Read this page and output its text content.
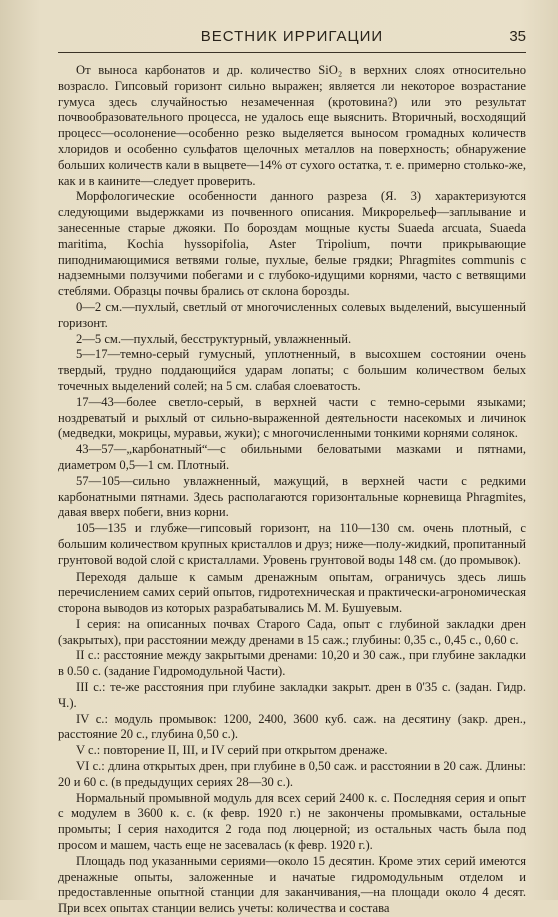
ВЕСТНИК ИРРИГАЦИИ	35

От выноса карбонатов и др. количество SiO₂ в верхних слоях относительно возрасло. Гипсовый горизонт сильно выражен; является ли некоторое возрастание гумуса здесь случайностью незамеченная (кротовина?) или это результат почвообразовательного процесса, не удалось еще выяснить. Вторичный, восходящий процесс—осолонение—особенно резко выделяется выносом громадных количеств хлоридов и особенно сульфатов щелочных металлов на поверхность; обнаружение больших количеств кали в выцвете—14% от сухого остатка, т. е. примерно столько-же, как и в каините—следует проверить.

Морфологические особенности данного разреза (Я. 3) характеризуются следующими выдержками из почвенного описания. Микрорельеф—заплывание и занесенные старые джояки. По бороздам мощные кусты Suaeda arcuata, Suaeda maritima, Kochia hyssopifolia, Aster Tripolium, почти прикрывающие пиподнимающимися ветвями голые, пухлые, белые грядки; Phragmites communis с надземными ползучими побегами и с глубоко-идущими корнями, часто с ветвящими стеблями. Образцы почвы брались от склона борозды.

0—2 см.—пухлый, светлый от многочисленных солевых выделений, высушенный горизонт.

2—5 см.—пухлый, бесструктурный, увлажненный.

5—17—темно-серый гумусный, уплотненный, в высохшем состоянии очень твердый, трудно поддающийся ударам лопаты; с большим количеством белых точечных выделений солей; на 5 см. слабая слоеватость.

17—43—более светло-серый, в верхней части с темно-серыми языками; ноздреватый и рыхлый от сильно-выраженной деятельности насекомых и личинок (медведки, мокрицы, муравьи, жуки); с многочисленными тонкими корнями солянок.

43—57—„карбонатный“—с обильными беловатыми мазками и пятнами, диаметром 0,5—1 см. Плотный.

57—105—сильно увлажненный, мажущий, в верхней части с редкими карбонатными пятнами. Здесь располагаются горизонтальные корневища Phragmites, давая вверх побеги, вниз корни.

105—135 и глубже—гипсовый горизонт, на 110—130 см. очень плотный, с большим количеством крупных кристаллов и друз; ниже—полу-жидкий, пропитанный грунтовой водой слой с кристаллами. Уровень грунтовой воды 148 см. (до промывок).

Переходя дальше к самым дренажным опытам, ограничусь здесь лишь перечислением самих серий опытов, гидротехническая и практически-агрономическая сторона выводов из которых разрабатывались М. М. Бушуевым.

I серия: на описанных почвах Старого Сада, опыт с глубиной закладки дрен (закрытых), при расстоянии между дренами в 15 саж.; глубины: 0,35 с., 0,45 с., 0,60 с.

II с.: расстояние между закрытыми дренами: 10,20 и 30 саж., при глубине закладки в 0.50 с. (задание Гидромодульной Части).

III с.: те-же расстояния при глубине закладки закрыт. дрен в 0'35 с. (задан. Гидр. Ч.).

IV с.: модуль промывок: 1200, 2400, 3600 куб. саж. на десятину (закр. дрен., расстояние 20 с., глубина 0,50 с.).

V с.: повторение II, III, и IV серий при открытом дренаже.

VI с.: длина открытых дрен, при глубине в 0,50 саж. и расстоянии в 20 саж. Длины: 20 и 60 с. (в предыдущих сериях 28—30 с.).

Нормальный промывной модуль для всех серий 2400 к. с. Последняя серия и опыт с модулем в 3600 к. с. (к февр. 1920 г.) не закончены промывками, остальные промыты; I серия находится 2 года под люцерной; из остальных часть была под просом и машем, часть еще не засевалась (к февр. 1920 г.).

Площадь под указанными сериями—около 15 десятин. Кроме этих серий имеются дренажные опыты, заложенные и начатые гидромодульным отделом и предоставленные опытной станции для заканчивания,—на площади около 4 десят. При всех опытах станции велись учеты: количества и состава
